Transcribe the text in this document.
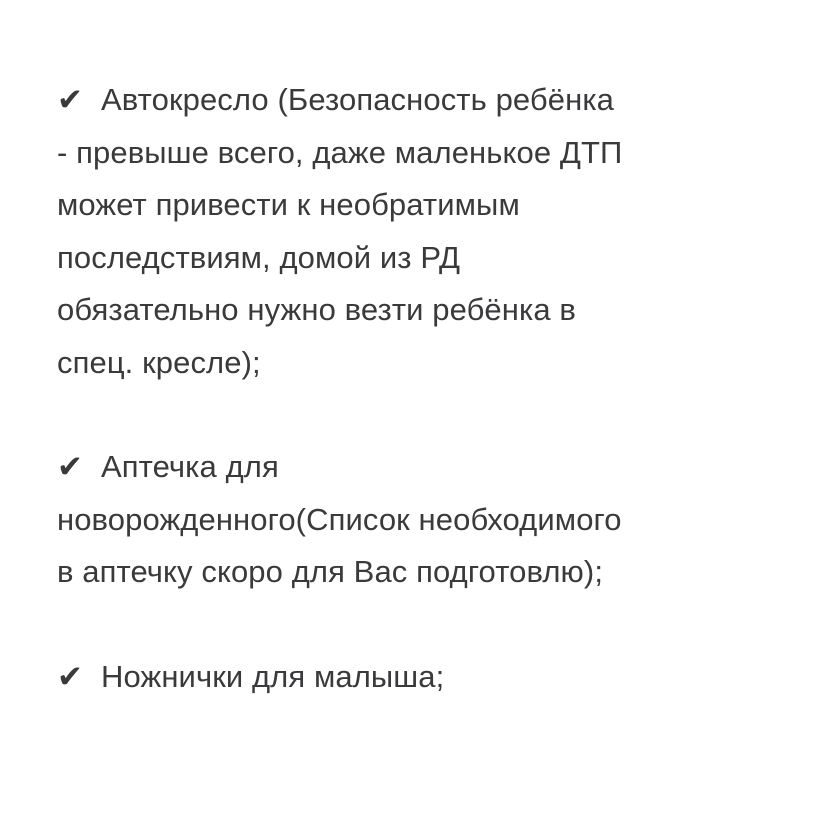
✔ Автокресло (Безопасность ребёнка
- превыше всего, даже маленькое ДТП
может привести к необратимым
последствиям, домой из РД
обязательно нужно везти ребёнка в
спец. кресле);
✔ Аптечка для
новорожденного(Список необходимого
в аптечку скоро для Вас подготовлю);
✔ Ножнички для малыша;
